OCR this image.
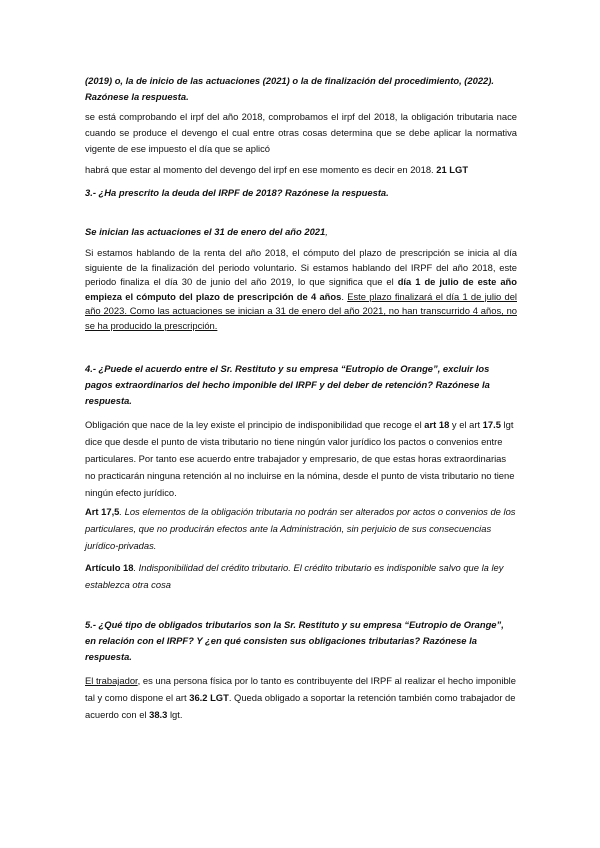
(2019) o, la de inicio de las actuaciones (2021) o la de finalización del procedimiento, (2022).
Razónese la respuesta.

se está comprobando el irpf del año 2018, comprobamos el irpf del 2018, la obligación tributaria nace cuando se produce el devengo el cual entre otras cosas determina que se debe aplicar la normativa vigente de ese impuesto el día que se aplicó

habrá que estar al momento del devengo del irpf en ese momento es decir en 2018. 21 LGT

3.- ¿Ha prescrito la deuda del IRPF de 2018? Razónese la respuesta.

Se inician las actuaciones el 31 de enero del año 2021,

Si estamos hablando de la renta del año 2018, el cómputo del plazo de prescripción se inicia al día siguiente de la finalización del periodo voluntario. Si estamos hablando del IRPF del año 2018, este periodo finaliza el día 30 de junio del año 2019, lo que significa que el día 1 de julio de este año empieza el cómputo del plazo de prescripción de 4 años. Este plazo finalizará el día 1 de julio del año 2023. Como las actuaciones se inician a 31 de enero del año 2021, no han transcurrido 4 años, no se ha producido la prescripción.

4.- ¿Puede el acuerdo entre el Sr. Restituto y su empresa “Eutropio de Orange”, excluir los pagos extraordinarios del hecho imponible del IRPF y del deber de retención? Razónese la respuesta.

Obligación que nace de la ley existe el principio de indisponibilidad que recoge el art 18 y el art 17.5 lgt dice que desde el punto de vista tributario no tiene ningún valor jurídico los pactos o convenios entre particulares. Por tanto ese acuerdo entre trabajador y empresario, de que estas horas extraordinarias no practicarán ninguna retención al no incluirse en la nómina, desde el punto de vista tributario no tiene ningún efecto jurídico.

Art 17,5. Los elementos de la obligación tributaria no podrán ser alterados por actos o convenios de los particulares, que no producirán efectos ante la Administración, sin perjuicio de sus consecuencias jurídico-privadas.

Artículo 18. Indisponibilidad del crédito tributario. El crédito tributario es indisponible salvo que la ley establezca otra cosa

5.- ¿Qué tipo de obligados tributarios son la Sr. Restituto y su empresa “Eutropio de Orange”, en relación con el IRPF? Y ¿en qué consisten sus obligaciones tributarias? Razónese la respuesta.

El trabajador, es una persona física por lo tanto es contribuyente del IRPF al realizar el hecho imponible tal y como dispone el art 36.2 LGT. Queda obligado a soportar la retención también como trabajador de acuerdo con el 38.3 lgt.
